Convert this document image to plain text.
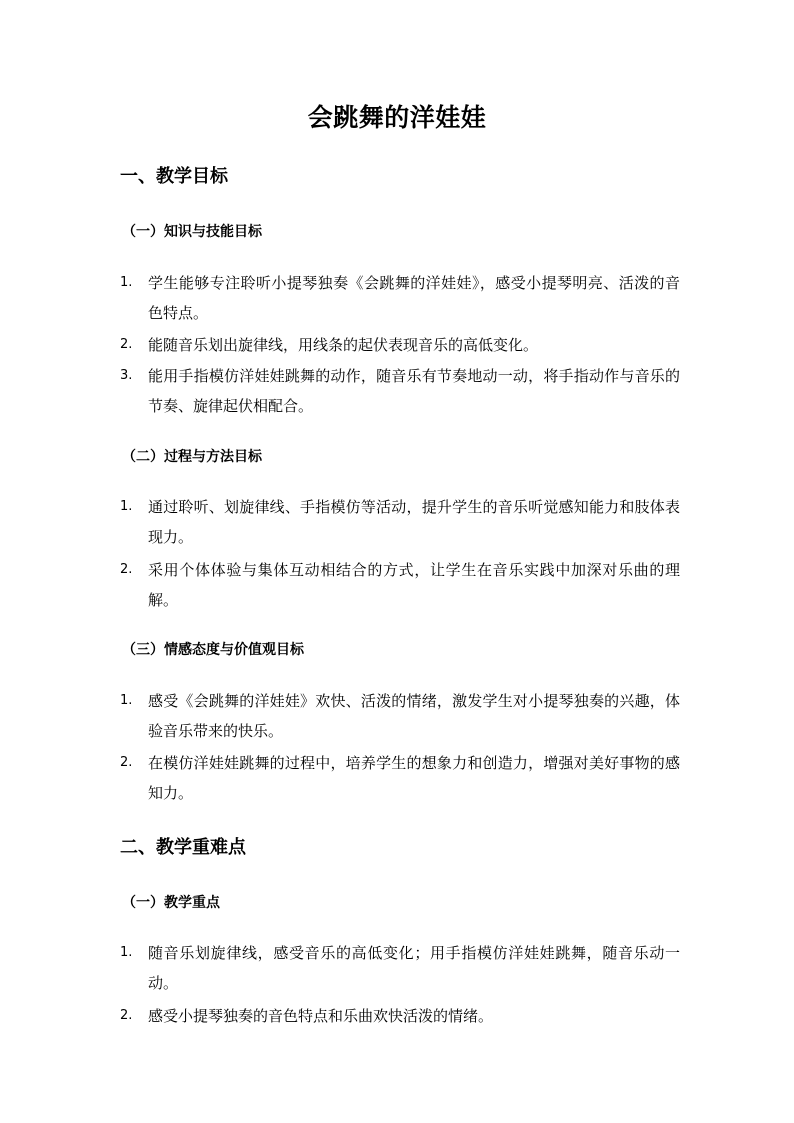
会跳舞的洋娃娃
一、教学目标
（一）知识与技能目标
1.	学生能够专注聆听小提琴独奏《会跳舞的洋娃娃》，感受小提琴明亮、活泼的音色特点。
2.	能随音乐划出旋律线，用线条的起伏表现音乐的高低变化。
3.	能用手指模仿洋娃娃跳舞的动作，随音乐有节奏地动一动，将手指动作与音乐的节奏、旋律起伏相配合。
（二）过程与方法目标
1.	通过聆听、划旋律线、手指模仿等活动，提升学生的音乐听觉感知能力和肢体表现力。
2.	采用个体体验与集体互动相结合的方式，让学生在音乐实践中加深对乐曲的理解。
（三）情感态度与价值观目标
1.	感受《会跳舞的洋娃娃》欢快、活泼的情绪，激发学生对小提琴独奏的兴趣，体验音乐带来的快乐。
2.	在模仿洋娃娃跳舞的过程中，培养学生的想象力和创造力，增强对美好事物的感知力。
二、教学重难点
（一）教学重点
1.	随音乐划旋律线，感受音乐的高低变化；用手指模仿洋娃娃跳舞，随音乐动一动。
2.	感受小提琴独奏的音色特点和乐曲欢快活泼的情绪。
